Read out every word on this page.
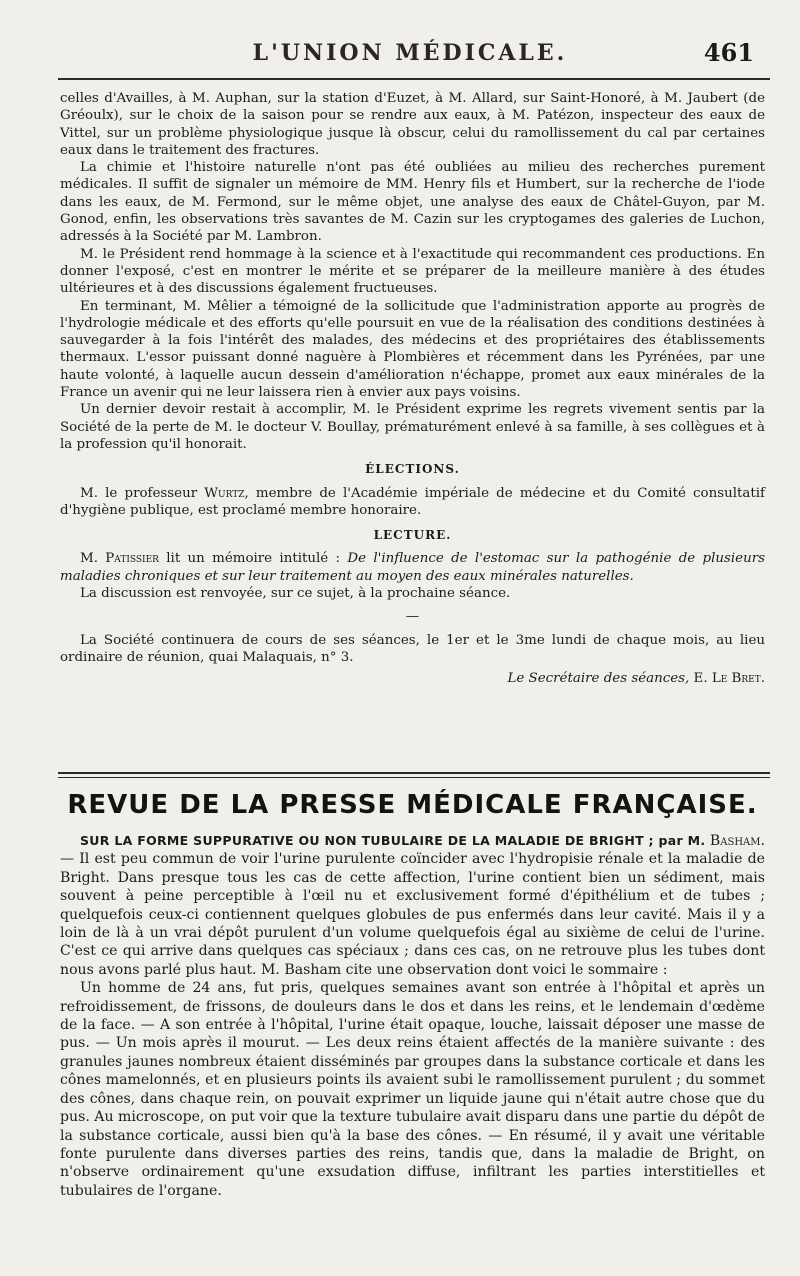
L'UNION MÉDICALE.	461

celles d'Availles, à M. Auphan, sur la station d'Euzet, à M. Allard, sur Saint-Honoré, à M. Jaubert (de Gréoulx), sur le choix de la saison pour se rendre aux eaux, à M. Patézon, inspecteur des eaux de Vittel, sur un problème physiologique jusque là obscur, celui du ramollissement du cal par certaines eaux dans le traitement des fractures.

La chimie et l'histoire naturelle n'ont pas été oubliées au milieu des recherches purement médicales. Il suffit de signaler un mémoire de MM. Henry fils et Humbert, sur la recherche de l'iode dans les eaux, de M. Fermond, sur le même objet, une analyse des eaux de Châtel-Guyon, par M. Gonod, enfin, les observations très savantes de M. Cazin sur les cryptogames des galeries de Luchon, adressés à la Société par M. Lambron.

M. le Président rend hommage à la science et à l'exactitude qui recommandent ces productions. En donner l'exposé, c'est en montrer le mérite et se préparer de la meilleure manière à des études ultérieures et à des discussions également fructueuses.

En terminant, M. Mêlier a témoigné de la sollicitude que l'administration apporte au progrès de l'hydrologie médicale et des efforts qu'elle poursuit en vue de la réalisation des conditions destinées à sauvegarder à la fois l'intérêt des malades, des médecins et des propriétaires des établissements thermaux. L'essor puissant donné naguère à Plombières et récemment dans les Pyrénées, par une haute volonté, à laquelle aucun dessein d'amélioration n'échappe, promet aux eaux minérales de la France un avenir qui ne leur laissera rien à envier aux pays voisins.

Un dernier devoir restait à accomplir, M. le Président exprime les regrets vivement sentis par la Société de la perte de M. le docteur V. Boullay, prématurément enlevé à sa famille, à ses collègues et à la profession qu'il honorait.

ÉLECTIONS.

M. le professeur Wurtz, membre de l'Académie impériale de médecine et du Comité consultatif d'hygiène publique, est proclamé membre honoraire.

LECTURE.

M. Patissier lit un mémoire intitulé : De l'influence de l'estomac sur la pathogénie de plusieurs maladies chroniques et sur leur traitement au moyen des eaux minérales naturelles.

La discussion est renvoyée, sur ce sujet, à la prochaine séance.

—

La Société continuera de cours de ses séances, le 1er et le 3me lundi de chaque mois, au lieu ordinaire de réunion, quai Malaquais, n° 3.

Le Secrétaire des séances, E. Le Bret.
REVUE DE LA PRESSE MÉDICALE FRANÇAISE.

SUR LA FORME SUPPURATIVE OU NON TUBULAIRE DE LA MALADIE DE BRIGHT ; par M. Basham. — Il est peu commun de voir l'urine purulente coïncider avec l'hydropisie rénale et la maladie de Bright. Dans presque tous les cas de cette affection, l'urine contient bien un sédiment, mais souvent à peine perceptible à l'œil nu et exclusivement formé d'épithélium et de tubes ; quelquefois ceux-ci contiennent quelques globules de pus enfermés dans leur cavité. Mais il y a loin de là à un vrai dépôt purulent d'un volume quelquefois égal au sixième de celui de l'urine. C'est ce qui arrive dans quelques cas spéciaux ; dans ces cas, on ne retrouve plus les tubes dont nous avons parlé plus haut. M. Basham cite une observation dont voici le sommaire :

Un homme de 24 ans, fut pris, quelques semaines avant son entrée à l'hôpital et après un refroidissement, de frissons, de douleurs dans le dos et dans les reins, et le lendemain d'œdème de la face. — A son entrée à l'hôpital, l'urine était opaque, louche, laissait déposer une masse de pus. — Un mois après il mourut. — Les deux reins étaient affectés de la manière suivante : des granules jaunes nombreux étaient disséminés par groupes dans la substance corticale et dans les cônes mamelonnés, et en plusieurs points ils avaient subi le ramollissement purulent ; du sommet des cônes, dans chaque rein, on pouvait exprimer un liquide jaune qui n'était autre chose que du pus. Au microscope, on put voir que la texture tubulaire avait disparu dans une partie du dépôt de la substance corticale, aussi bien qu'à la base des cônes. — En résumé, il y avait une véritable fonte purulente dans diverses parties des reins, tandis que, dans la maladie de Bright, on n'observe ordinairement qu'une exsudation diffuse, infiltrant les parties interstitielles et tubulaires de l'organe.
